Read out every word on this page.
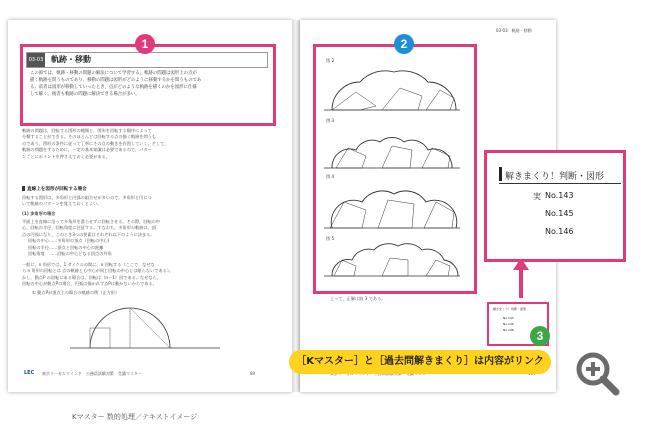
03-03 軌跡・移動
この節では，軌跡・移動の問題の解法について学習する。軌跡の問題は図形上の点が
描く軌跡を問うものであり，移動の問題は図形がどのように移動するかを問うものであ
る。前者は図形が移動していったとき，点がどのような軌跡を描くのかを図形に仕様
して解く。後者も軌跡の問題に解決できる場合が多い。
1
軌跡の問題は，回転する図形の種類と，図形を回転する順序によって
分類することができる。そのほとんどは回転する点の描く軌跡を問うも
のであり，図形の条件に従って丁寧にその点の動きを作図していく。そして，
軌跡の問題をするために，一定の基本知識は必要であるので，パター
ンごとにポイントを押さえておく必要がある。
直線上を図形が回転する場合
回転する図形は，多角形と円弧の組合せが多いので，多角形と円につ
いて軌跡のパターンを覚えておくとよい。
(1) 多角形の場合
平面上を直線に沿って多角形を滑らせずに回転させる。その際，回転の中
心，回転の半径，回転角度に注意する。すなわち，多角形の軌跡は，頂
点の円弧になり，このとき3つの要素はそれぞれ以下のように決まる。
回転の中心……多角形の頂点（回転の中心)
回転の半径……頂点と回転の中心の距離
回転角度　……回転の中心となる頂点の外角
一般に，n 角形では，1 サイクルの間に，n 回転する（ここで、なぜな
ら n 角形の回転とは 点の軌跡とも中心が同じ回転の中心とは限らないである）。
かし，動点P の回転にある場合は，回転は（n－1）回である。なぜなら，
回転の中心が動点Pの場合，円弧は描かれず点Pは動かないからである。
① 動点Pが頂点上の場合の軌跡の例（正方形）
LEC 東京リーガルマインド　公務員試験対策　受講マスター	89
03-03　軌跡・移動
2
図 2
図 3
図 4
図 5
上って，正解は肢 3 である。
解きまくり！判断・図形
No.143
No.145
No.146	3
解きまくり！判断・図形
実 No.143
No.145
No.146
［Kマスター］と［過去問解きまくり］は内容がリンク
Kマスター 数的処理／テキストイメージ
